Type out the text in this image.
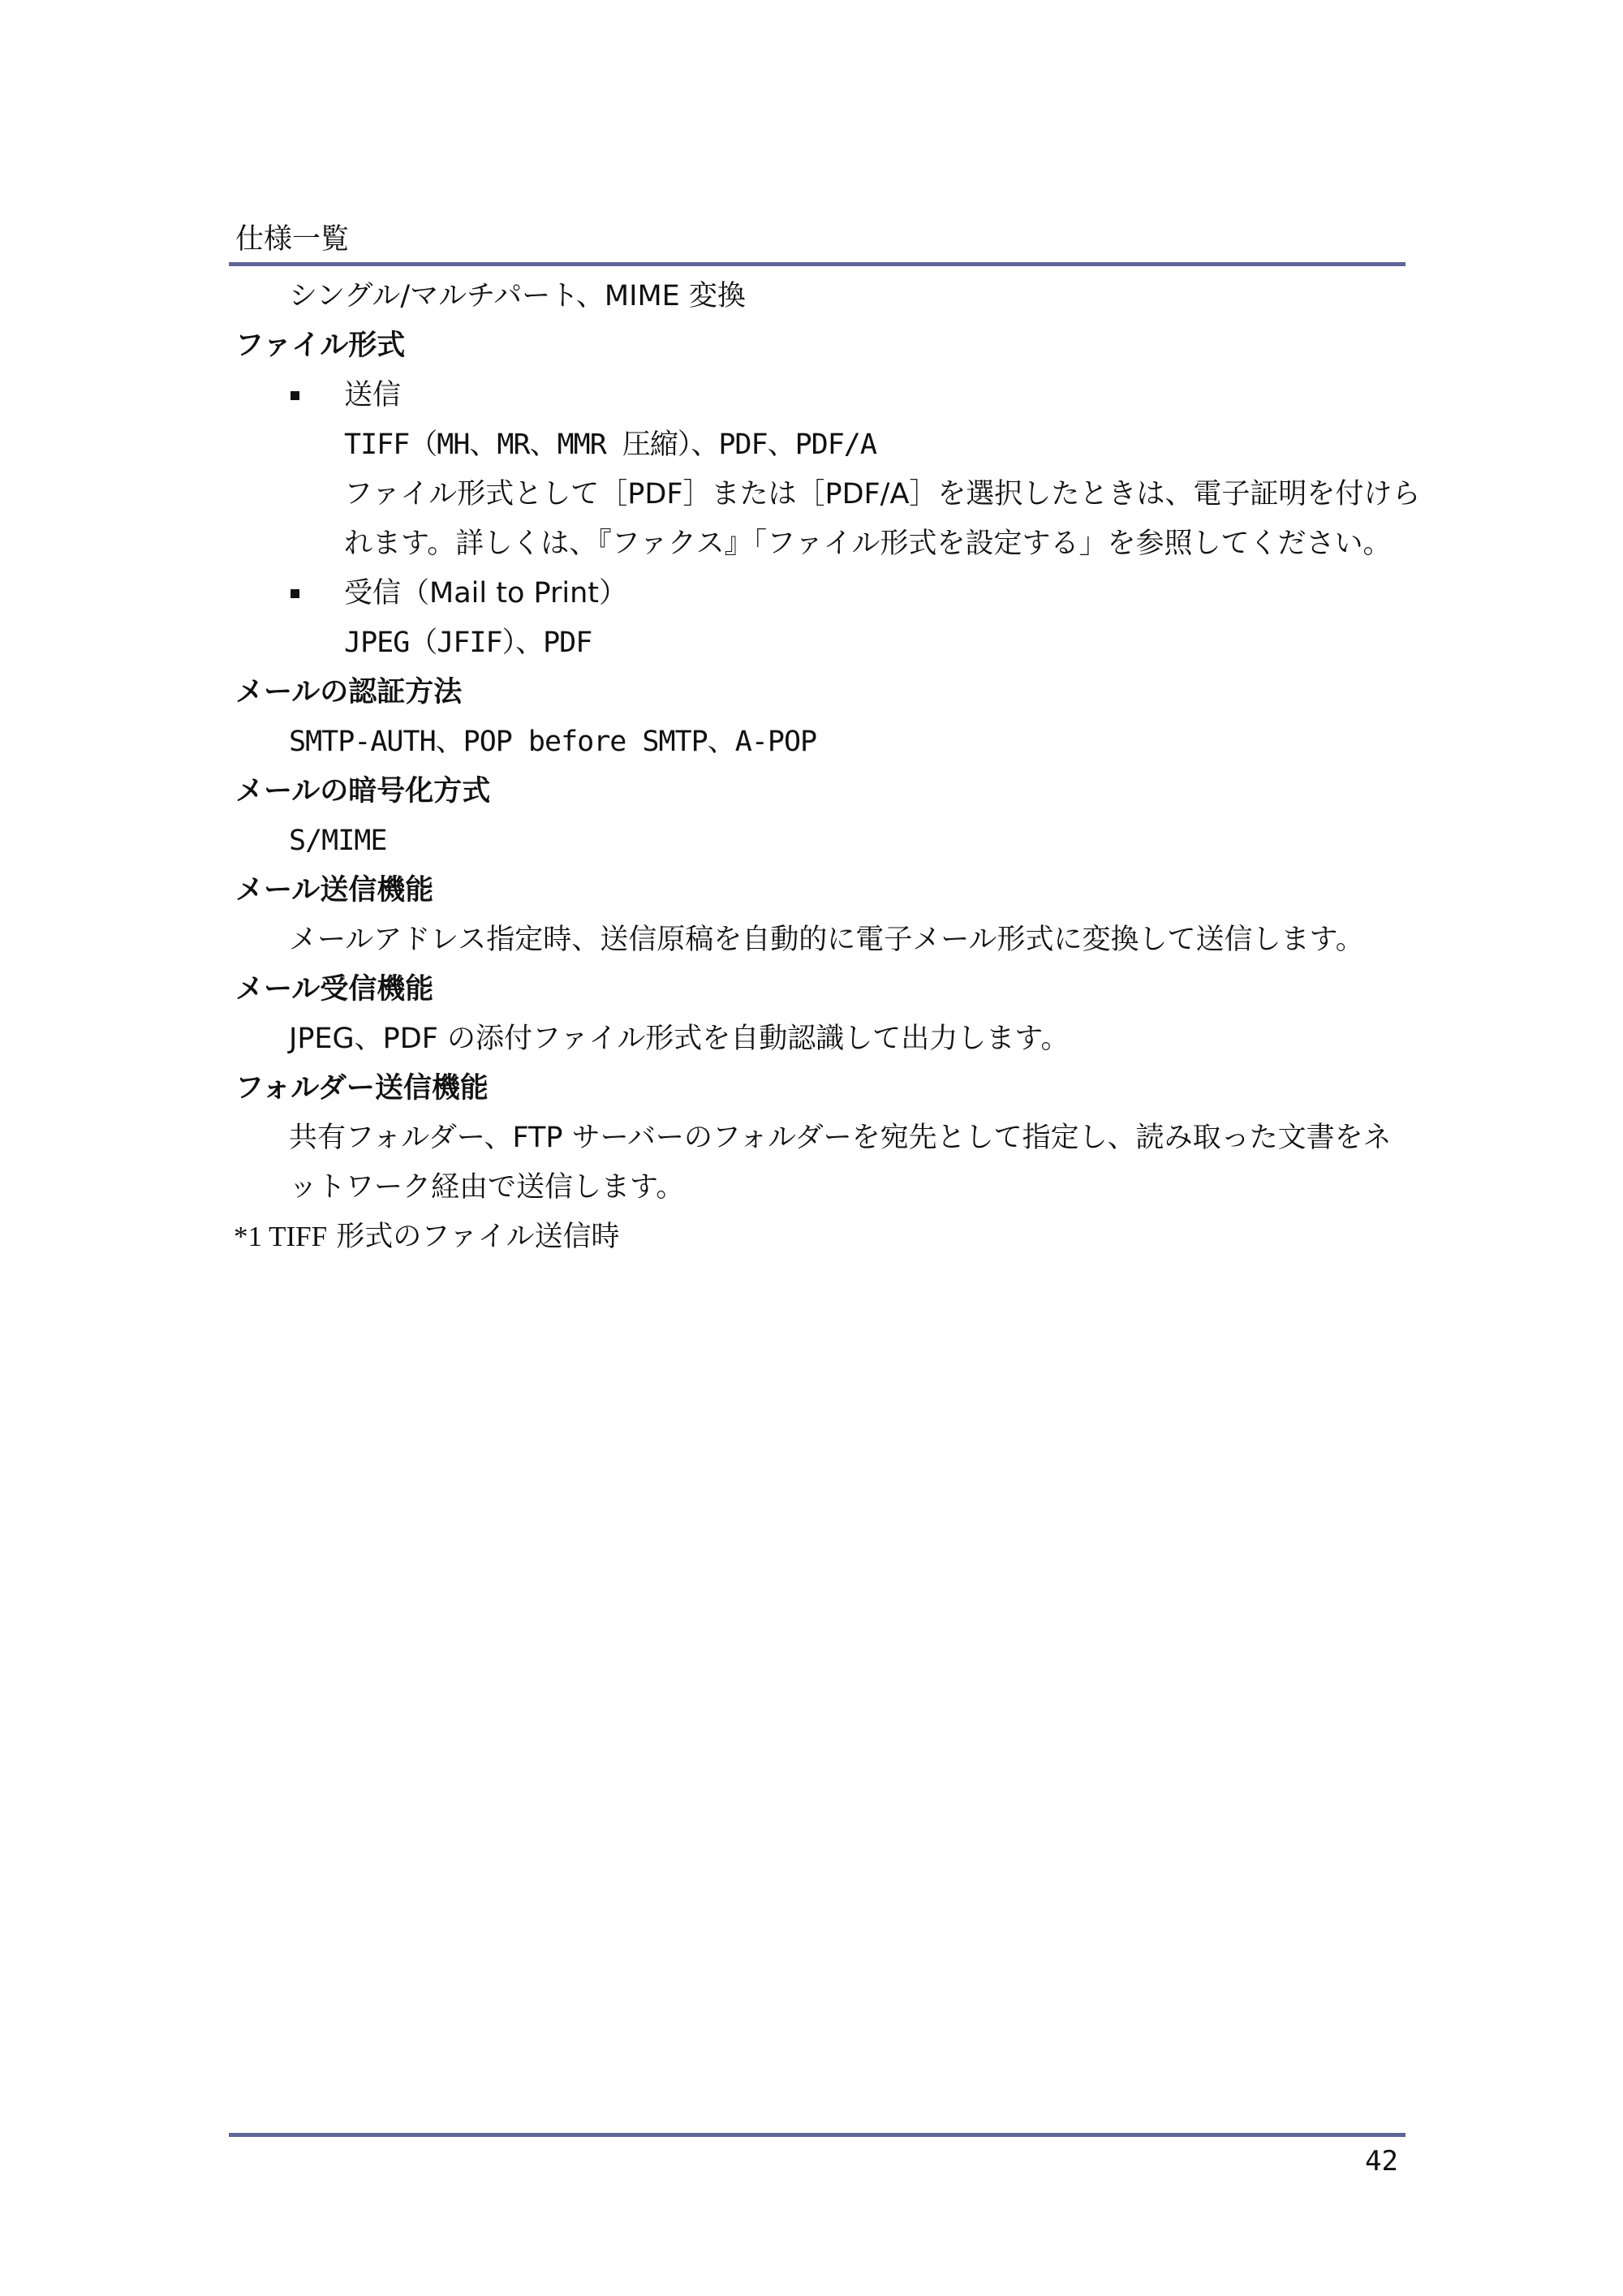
仕様一覧
シングル/マルチパート、MIME 変換
ファイル形式
送信
TIFF（MH、MR、MMR 圧縮）、PDF、PDF/A
ファイル形式として［PDF］または［PDF/A］を選択したときは、電子証明を付けら
れます。詳しくは、『ファクス』「ファイル形式を設定する」を参照してください。
受信（Mail to Print）
JPEG（JFIF）、PDF
メールの認証方法
SMTP-AUTH、POP before SMTP、A-POP
メールの暗号化方式
S/MIME
メール送信機能
メールアドレス指定時、送信原稿を自動的に電子メール形式に変換して送信します。
メール受信機能
JPEG、PDF の添付ファイル形式を自動認識して出力します。
フォルダー送信機能
共有フォルダー、FTP サーバーのフォルダーを宛先として指定し、読み取った文書をネ
ットワーク経由で送信します。
*1 TIFF 形式のファイル送信時
42
